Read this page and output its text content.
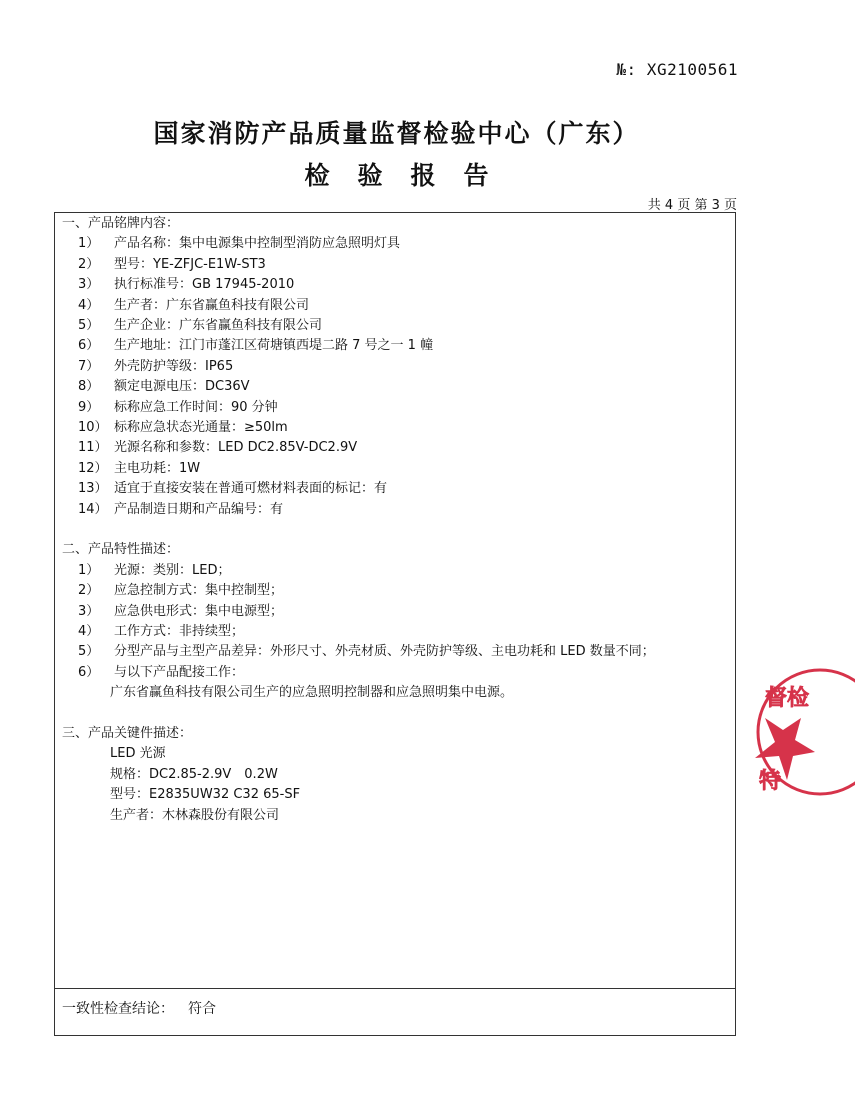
№: XG2100561
国家消防产品质量监督检验中心（广东）
检验报告
共 4 页 第 3 页
一、产品铭牌内容：
1）	产品名称：集中电源集中控制型消防应急照明灯具
2）	型号：YE-ZFJC-E1W-ST3
3）	执行标准号：GB 17945-2010
4）	生产者：广东省赢鱼科技有限公司
5）	生产企业：广东省赢鱼科技有限公司
6）	生产地址：江门市蓬江区荷塘镇西堤二路 7 号之一 1 幢
7）	外壳防护等级：IP65
8）	额定电源电压：DC36V
9）	标称应急工作时间：90 分钟
10） 标称应急状态光通量：≥50lm
11） 光源名称和参数：LED DC2.85V-DC2.9V
12） 主电功耗：1W
13） 适宜于直接安装在普通可燃材料表面的标记：有
14） 产品制造日期和产品编号：有
二、产品特性描述：
1）	光源：类别：LED；
2）	应急控制方式：集中控制型；
3）	应急供电形式：集中电源型；
4）	工作方式：非持续型；
5）	分型产品与主型产品差异：外形尺寸、外壳材质、外壳防护等级、主电功耗和 LED 数量不同；
6）	与以下产品配接工作：
广东省赢鱼科技有限公司生产的应急照明控制器和应急照明集中电源。
三、产品关键件描述：
LED 光源
规格：DC2.85-2.9V　0.2W
型号：E2835UW32 C32 65-SF
生产者：木林森股份有限公司
一致性检查结论： 符合
督检
特
